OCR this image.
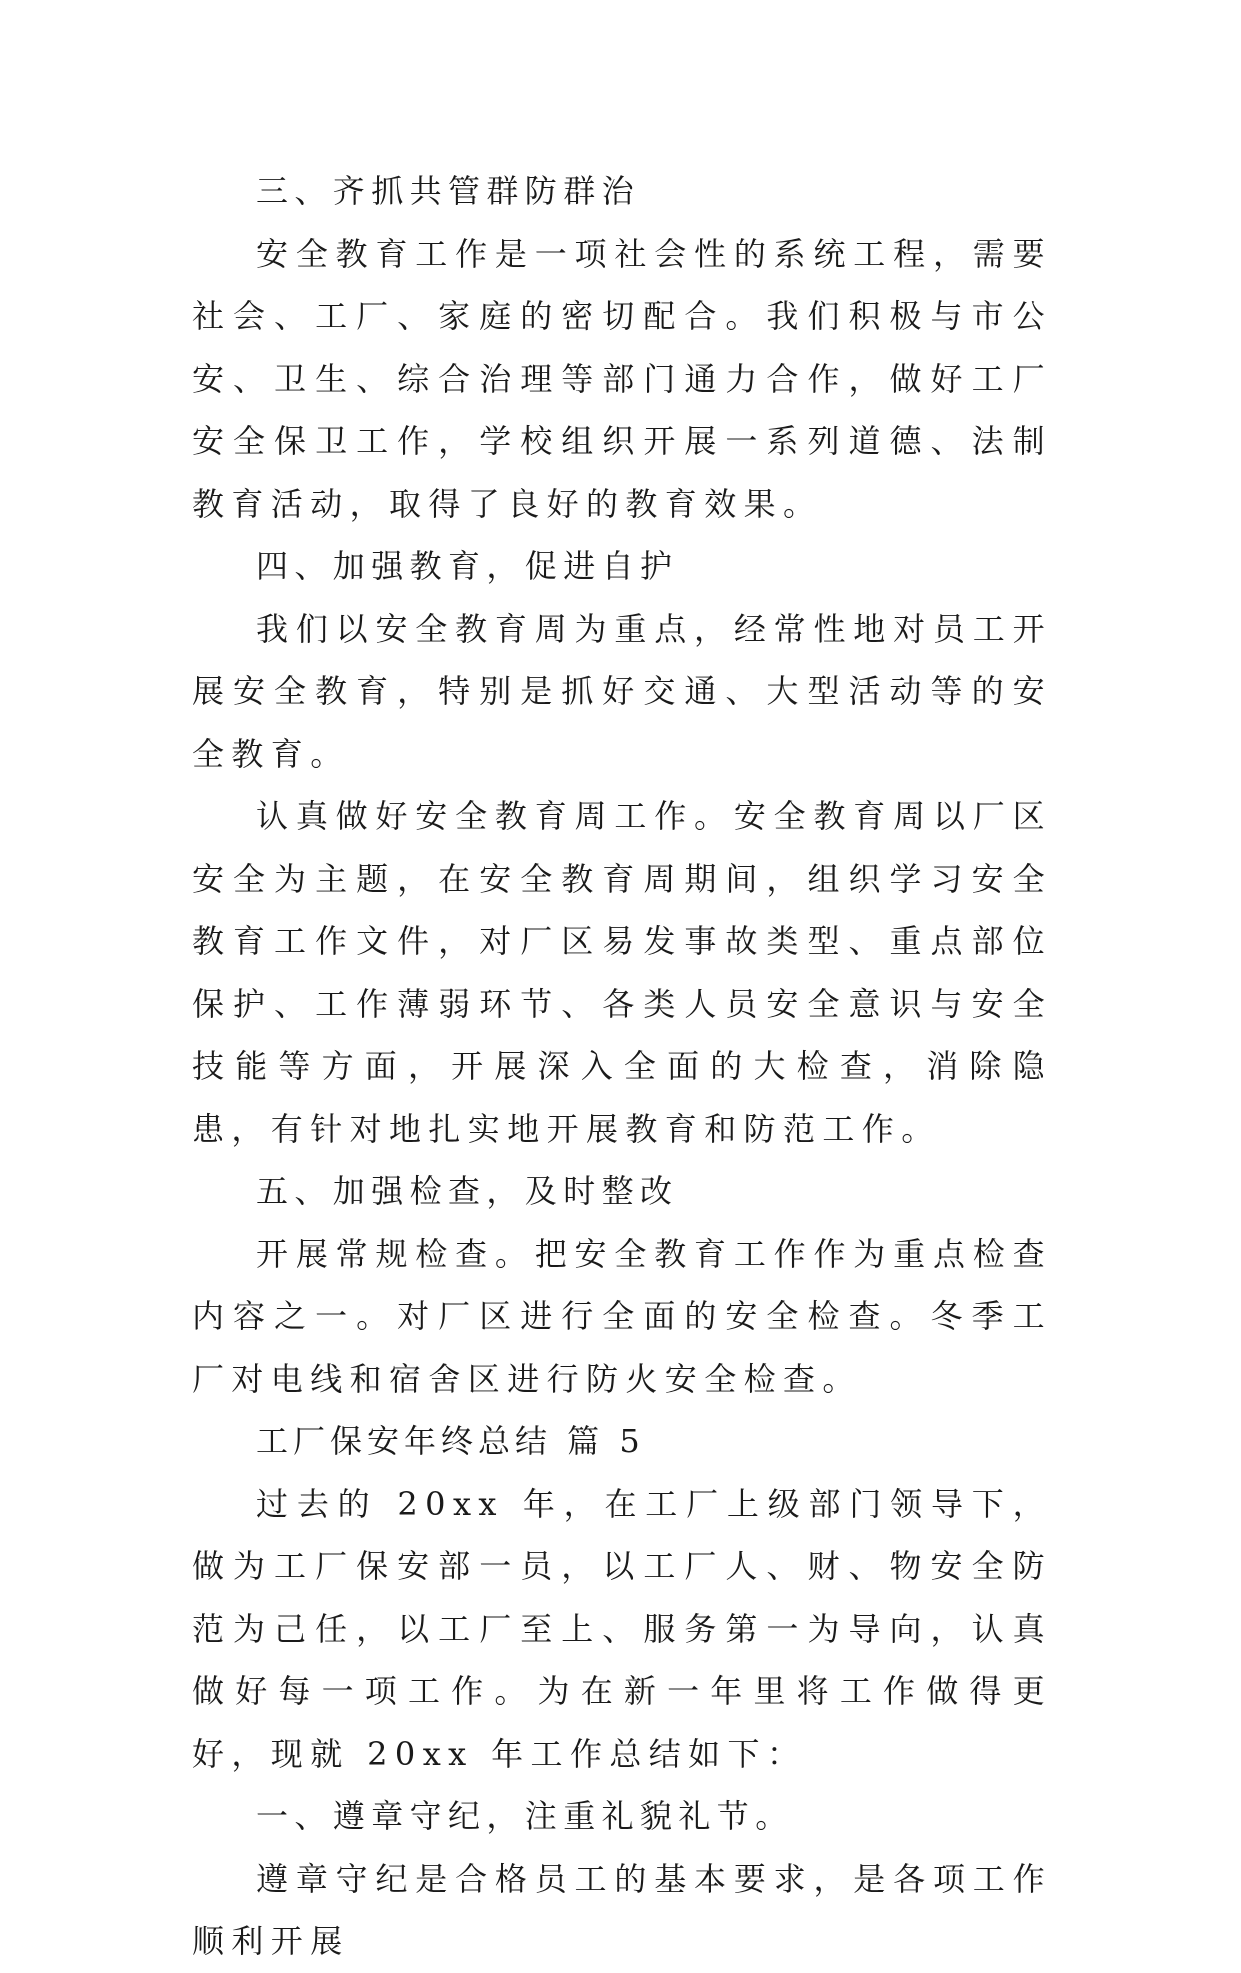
三、齐抓共管群防群治

安全教育工作是一项社会性的系统工程，需要社会、工厂、家庭的密切配合。我们积极与市公安、卫生、综合治理等部门通力合作，做好工厂安全保卫工作，学校组织开展一系列道德、法制教育活动，取得了良好的教育效果。

四、加强教育，促进自护

我们以安全教育周为重点，经常性地对员工开展安全教育，特别是抓好交通、大型活动等的安全教育。

认真做好安全教育周工作。安全教育周以厂区安全为主题，在安全教育周期间，组织学习安全教育工作文件，对厂区易发事故类型、重点部位保护、工作薄弱环节、各类人员安全意识与安全技能等方面，开展深入全面的大检查，消除隐患，有针对地扎实地开展教育和防范工作。

五、加强检查，及时整改

开展常规检查。把安全教育工作作为重点检查内容之一。对厂区进行全面的安全检查。冬季工厂对电线和宿舍区进行防火安全检查。

工厂保安年终总结 篇 5

过去的 20xx 年，在工厂上级部门领导下，做为工厂保安部一员，以工厂人、财、物安全防范为己任，以工厂至上、服务第一为导向，认真做好每一项工作。为在新一年里将工作做得更好，现就 20xx 年工作总结如下：

一、遵章守纪，注重礼貌礼节。

遵章守纪是合格员工的基本要求，是各项工作顺利开展
